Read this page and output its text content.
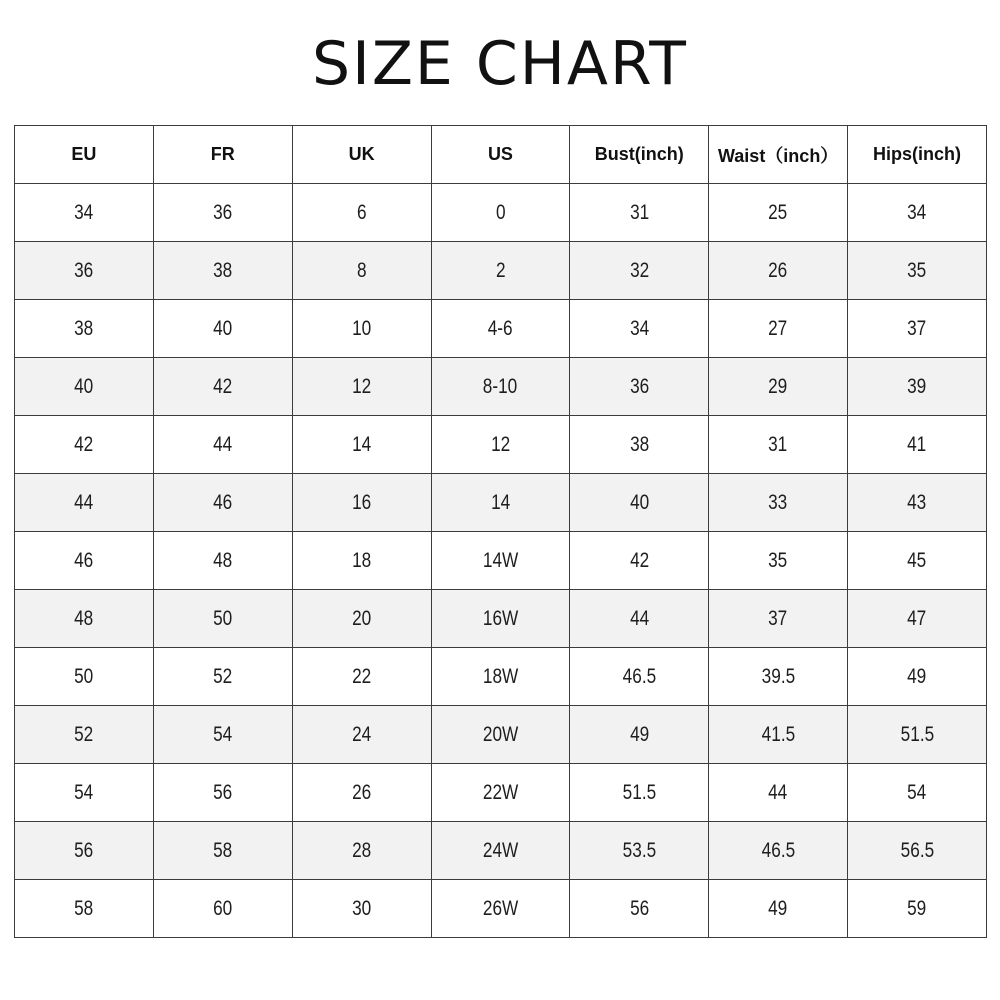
SIZE CHART
EU	FR	UK	US	Bust(inch)	Waist（inch）	Hips(inch)
34	36	6	0	31	25	34
36	38	8	2	32	26	35
38	40	10	4-6	34	27	37
40	42	12	8-10	36	29	39
42	44	14	12	38	31	41
44	46	16	14	40	33	43
46	48	18	14W	42	35	45
48	50	20	16W	44	37	47
50	52	22	18W	46.5	39.5	49
52	54	24	20W	49	41.5	51.5
54	56	26	22W	51.5	44	54
56	58	28	24W	53.5	46.5	56.5
58	60	30	26W	56	49	59
